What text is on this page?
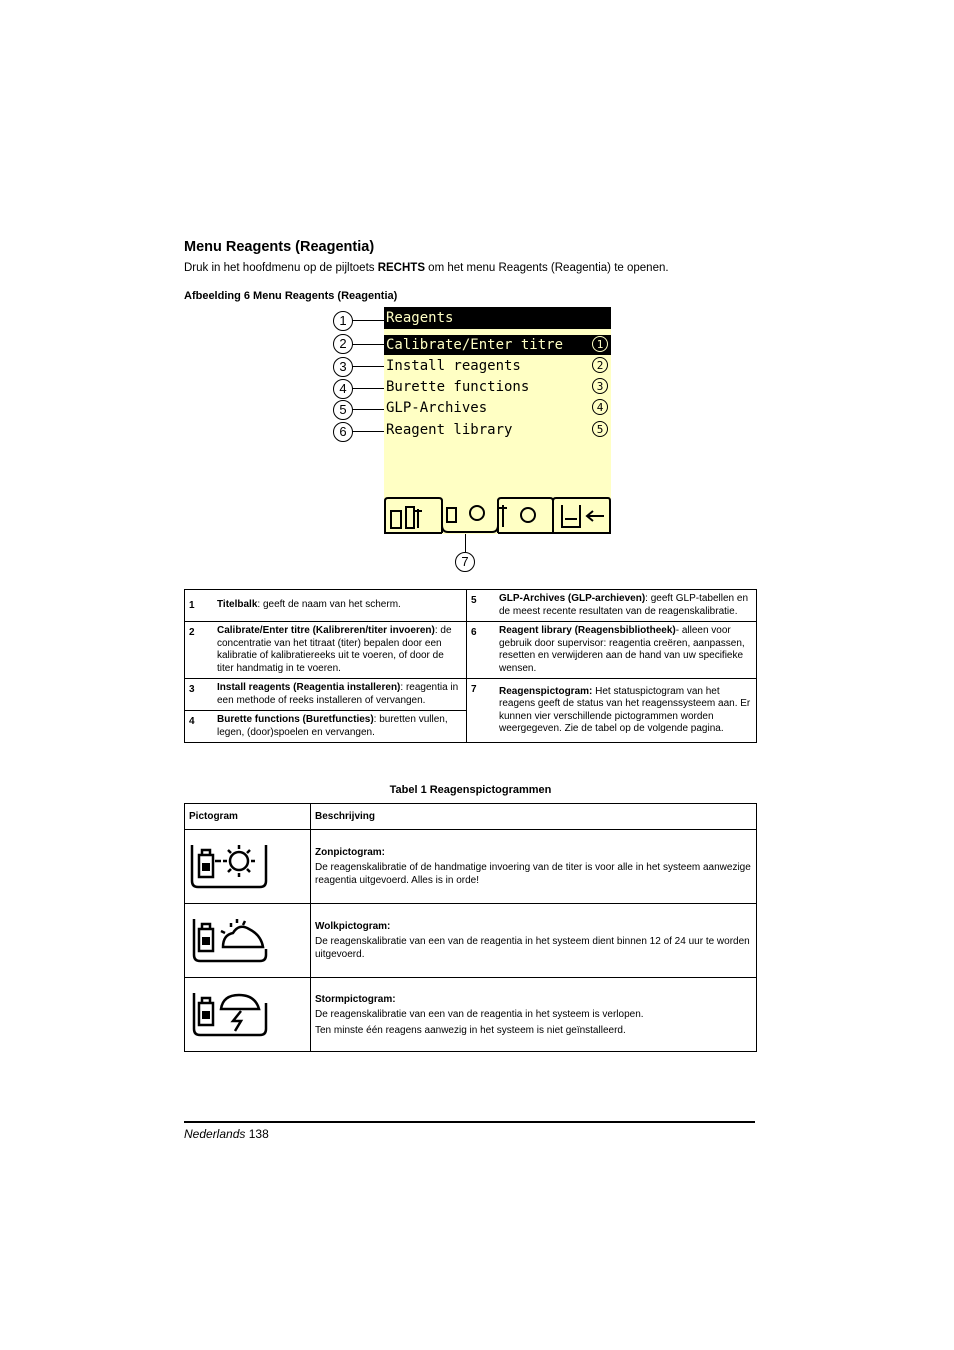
Menu Reagents (Reagentia)
Druk in het hoofdmenu op de pijltoets RECHTS om het menu Reagents (Reagentia) te openen.
Afbeelding 6 Menu Reagents (Reagentia)
Reagents
Calibrate/Enter titre	1
Install reagents	2
Burette functions	3
GLP-Archives	4
Reagent library	5
1
2
3
4
5
6
7
1	Titelbalk: geeft de naam van het scherm.	5	GLP-Archives (GLP-archieven): geeft GLP-tabellen en de meest recente resultaten van de reagenskalibratie.
2	Calibrate/Enter titre (Kalibreren/titer invoeren): de concentratie van het titraat (titer) bepalen door een kalibratie of kalibratiereeks uit te voeren, of door de titer handmatig in te voeren.	6	Reagent library (Reagensbibliotheek)- alleen voor gebruik door supervisor: reagentia creëren, aanpassen, resetten en verwijderen aan de hand van uw specifieke wensen.
3	Install reagents (Reagentia installeren): reagentia in een methode of reeks installeren of vervangen.	7	Reagenspictogram: Het statuspictogram van het reagens geeft de status van het reagenssysteem aan. Er kunnen vier verschillende pictogrammen worden weergegeven. Zie de tabel op de volgende pagina.
4	Burette functions (Buretfuncties): buretten vullen, legen, (door)spoelen en vervangen.		
Tabel 1 Reagenspictogrammen
Pictogram	Beschrijving

Zonpictogram:
De reagenskalibratie of de handmatige invoering van de titer is voor alle in het systeem aanwezige reagentia uitgevoerd. Alles is in orde!

Wolkpictogram:
De reagenskalibratie van een van de reagentia in het systeem dient binnen 12 of 24 uur te worden uitgevoerd.

Stormpictogram:
De reagenskalibratie van een van de reagentia in het systeem is verlopen.
Ten minste één reagens aanwezig in het systeem is niet geïnstalleerd.
Nederlands 138
